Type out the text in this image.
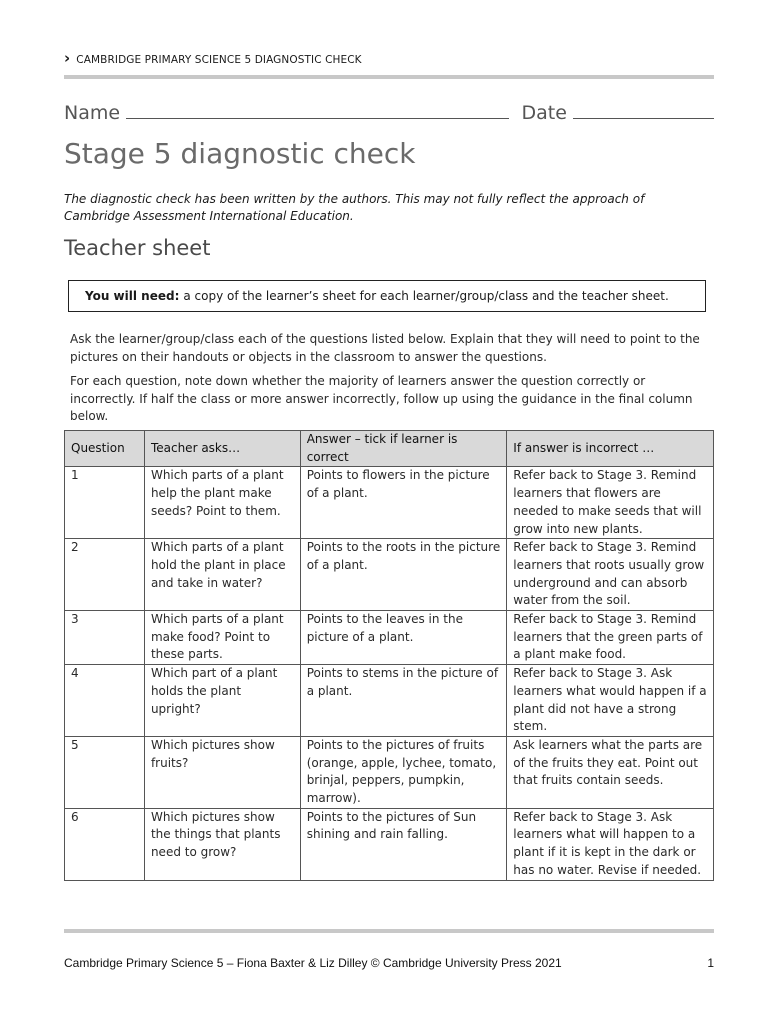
› CAMBRIDGE PRIMARY SCIENCE 5 DIAGNOSTIC CHECK
Name	Date
Stage 5 diagnostic check
The diagnostic check has been written by the authors. This may not fully reflect the approach of Cambridge Assessment International Education.
Teacher sheet
You will need: a copy of the learner’s sheet for each learner/group/class and the teacher sheet.
Ask the learner/group/class each of the questions listed below. Explain that they will need to point to the pictures on their handouts or objects in the classroom to answer the questions.
For each question, note down whether the majority of learners answer the question correctly or incorrectly. If half the class or more answer incorrectly, follow up using the guidance in the final column below.
Question	Teacher asks…	Answer – tick if learner is correct	If answer is incorrect …
1	Which parts of a plant help the plant make seeds? Point to them.	Points to flowers in the picture of a plant.	Refer back to Stage 3. Remind learners that flowers are needed to make seeds that will grow into new plants.
2	Which parts of a plant hold the plant in place and take in water?	Points to the roots in the picture of a plant.	Refer back to Stage 3. Remind learners that roots usually grow underground and can absorb water from the soil.
3	Which parts of a plant make food? Point to these parts.	Points to the leaves in the picture of a plant.	Refer back to Stage 3. Remind learners that the green parts of a plant make food.
4	Which part of a plant holds the plant upright?	Points to stems in the picture of a plant.	Refer back to Stage 3. Ask learners what would happen if a plant did not have a strong stem.
5	Which pictures show fruits?	Points to the pictures of fruits (orange, apple, lychee, tomato, brinjal, peppers, pumpkin, marrow).	Ask learners what the parts are of the fruits they eat. Point out that fruits contain seeds.
6	Which pictures show the things that plants need to grow?	Points to the pictures of Sun shining and rain falling.	Refer back to Stage 3. Ask learners what will happen to a plant if it is kept in the dark or has no water. Revise if needed.
Cambridge Primary Science 5 – Fiona Baxter & Liz Dilley © Cambridge University Press 2021	1
